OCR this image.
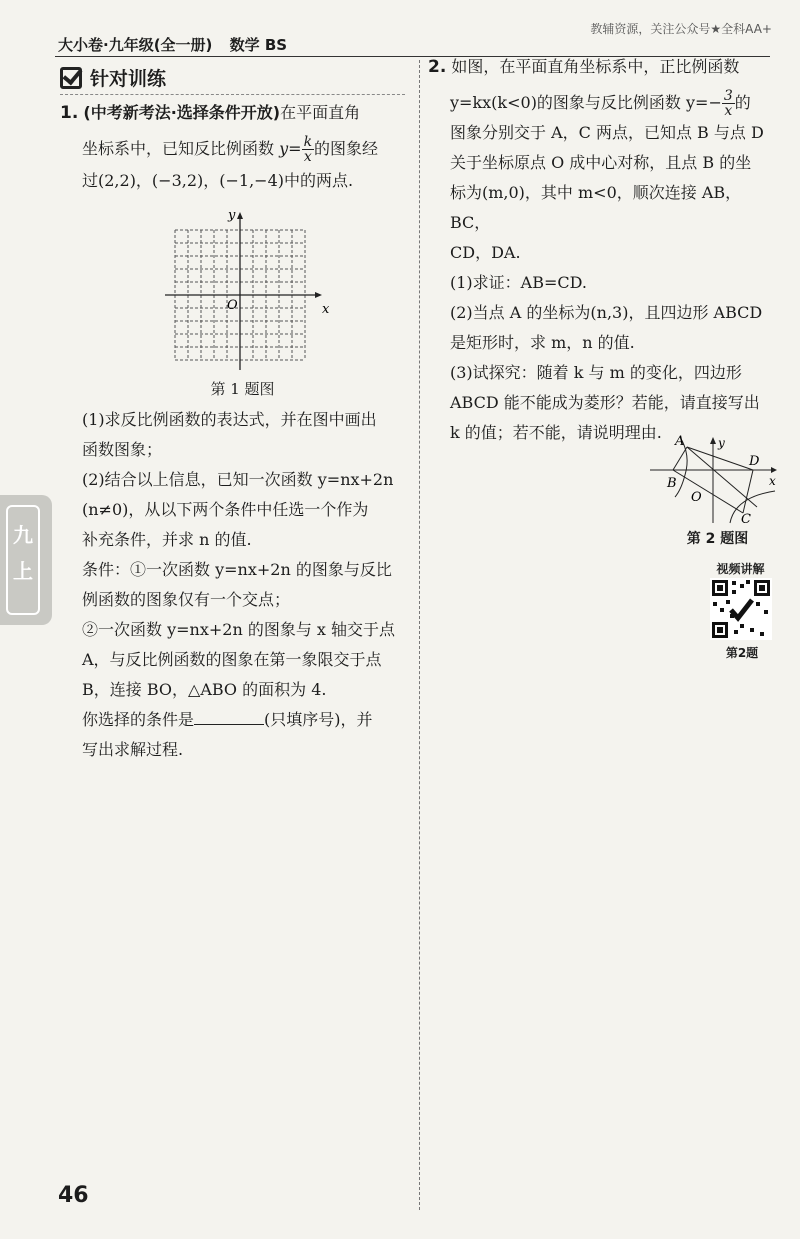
大小卷·九年级(全一册) 数学 BS
教辅资源，关注公众号★全科AA+
针对训练
1. (中考新考法·选择条件开放)在平面直角
坐标系中，已知反比例函数 $y= \frac{k}{x}$ 的图象经
过(2,2)，(−3,2)，(−1,−4)中的两点.
x
y
O
第 1 题图
(1)求反比例函数的表达式，并在图中画出
函数图象；
(2)结合以上信息，已知一次函数 y=nx+2n
(n≠0)，从以下两个条件中任选一个作为
补充条件，并求 n 的值.
条件：①一次函数 y=nx+2n 的图象与反比
例函数的图象仅有一个交点；
②一次函数 y=nx+2n 的图象与 x 轴交于点
A，与反比例函数的图象在第一象限交于点
B，连接 BO，△ABO 的面积为 4.
你选择的条件是	(只填序号)，并
写出求解过程.
九
上
2. 如图，在平面直角坐标系中，正比例函数
y=kx(k<0)的图象与反比例函数 $y=- \frac{3}{x}$ 的
图象分别交于 A，C 两点，已知点 B 与点 D
关于坐标原点 O 成中心对称，且点 B 的坐
标为(m,0)，其中 m<0，顺次连接 AB，BC，
CD，DA.
(1)求证：AB=CD.
(2)当点 A 的坐标为(n,3)，且四边形 ABCD
是矩形时，求 m，n 的值.
(3)试探究：随着 k 与 m 的变化，四边形
ABCD 能不能成为菱形？若能，请直接写出
k 的值；若不能，请说明理由.	A
B
C
D
O
x
y
第 2 题图
视频讲解
第2题
46
